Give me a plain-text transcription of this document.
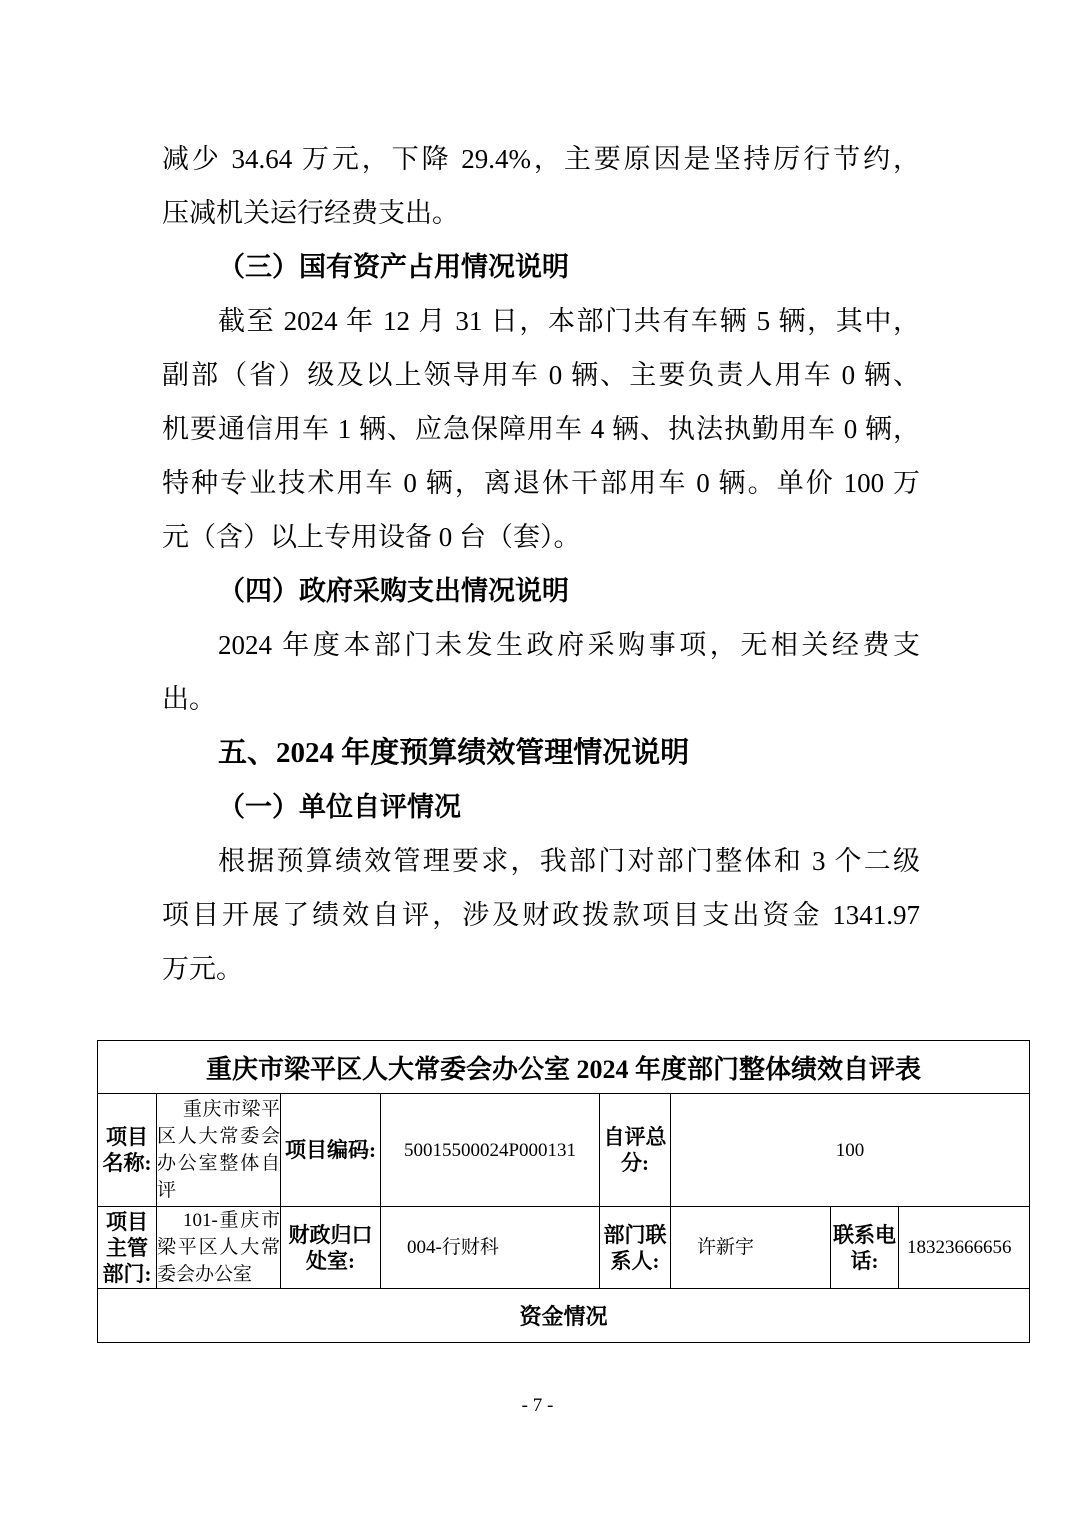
减少 34.64 万元，下降 29.4%，主要原因是坚持厉行节约，
压减机关运行经费支出。
（三）国有资产占用情况说明
截至 2024 年 12 月 31 日，本部门共有车辆 5 辆，其中，
副部（省）级及以上领导用车 0 辆、主要负责人用车 0 辆、
机要通信用车 1 辆、应急保障用车 4 辆、执法执勤用车 0 辆，
特种专业技术用车 0 辆，离退休干部用车 0 辆。单价 100 万
元（含）以上专用设备 0 台（套）。
（四）政府采购支出情况说明
2024 年度本部门未发生政府采购事项，无相关经费支
出。
五、2024 年度预算绩效管理情况说明
（一）单位自评情况
根据预算绩效管理要求，我部门对部门整体和 3 个二级
项目开展了绩效自评，涉及财政拨款项目支出资金 1341.97
万元。
重庆市梁平区人大常委会办公室 2024 年度部门整体绩效自评表							
项目名称:	重庆市梁平区人大常委会办公室整体自评	项目编码:	50015500024P000131	自评总分:	100		
项目主管部门:	101-重庆市梁平区人大常委会办公室	财政归口处室:	004-行财科	部门联系人:	许新宇	联系电话:	18323666656
资金情况							
- 7 -
